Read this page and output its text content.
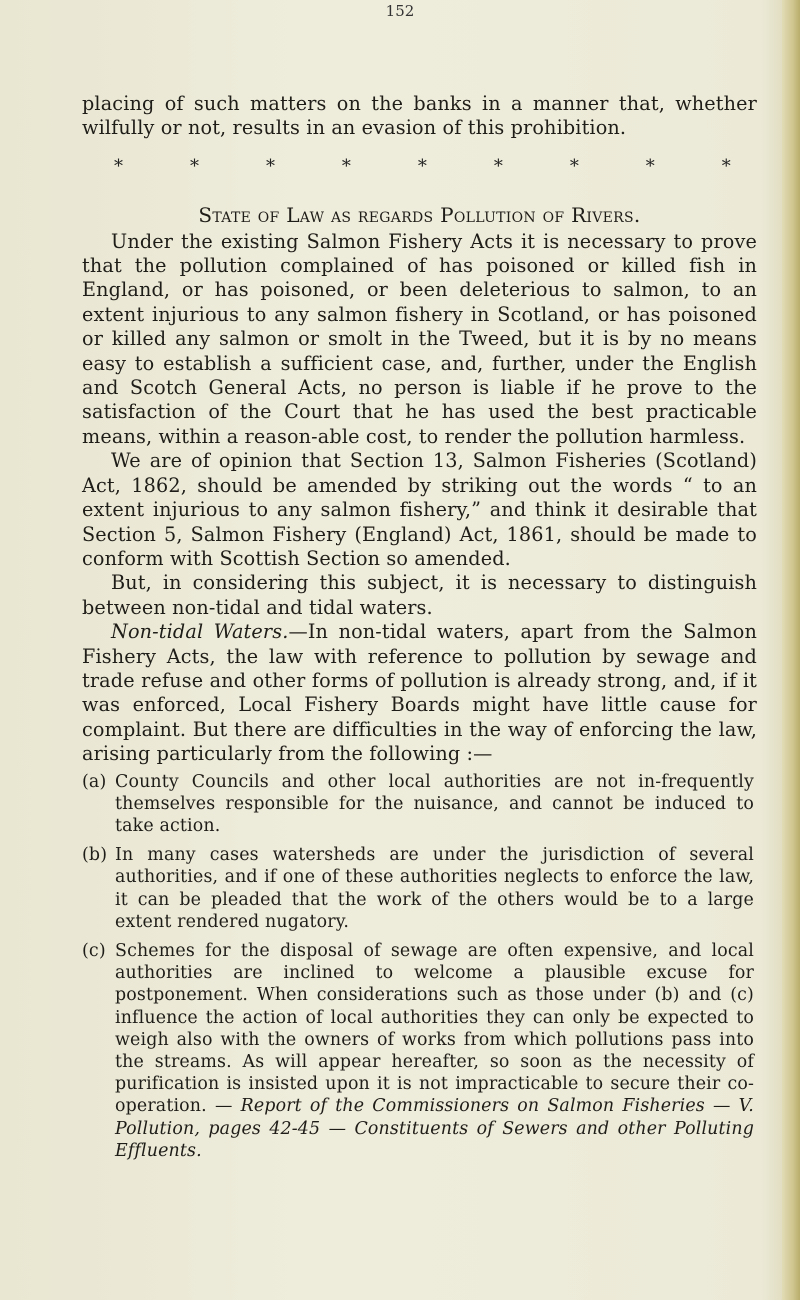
152

placing of such matters on the banks in a manner that, whether wilfully or not, results in an evasion of this prohibition.

*	*	*	*	*	*	*	*	*
State of Law as regards Pollution of Rivers.

Under the existing Salmon Fishery Acts it is necessary to prove that the pollution complained of has poisoned or killed fish in England, or has poisoned, or been deleterious to salmon, to an extent injurious to any salmon fishery in Scotland, or has poisoned or killed any salmon or smolt in the Tweed, but it is by no means easy to establish a sufficient case, and, further, under the English and Scotch General Acts, no person is liable if he prove to the satisfaction of the Court that he has used the best practicable means, within a reason-able cost, to render the pollution harmless.

We are of opinion that Section 13, Salmon Fisheries (Scotland) Act, 1862, should be amended by striking out the words “ to an extent injurious to any salmon fishery,” and think it desirable that Section 5, Salmon Fishery (England) Act, 1861, should be made to conform with Scottish Section so amended.

But, in considering this subject, it is necessary to distinguish between non-tidal and tidal waters.

Non-tidal Waters.—In non-tidal waters, apart from the Salmon Fishery Acts, the law with reference to pollution by sewage and trade refuse and other forms of pollution is already strong, and, if it was enforced, Local Fishery Boards might have little cause for complaint. But there are difficulties in the way of enforcing the law, arising particularly from the following :—

(a) County Councils and other local authorities are not in-frequently themselves responsible for the nuisance, and cannot be induced to take action.
(b) In many cases watersheds are under the jurisdiction of several authorities, and if one of these authorities neglects to enforce the law, it can be pleaded that the work of the others would be to a large extent rendered nugatory.
(c) Schemes for the disposal of sewage are often expensive, and local authorities are inclined to welcome a plausible excuse for postponement. When considerations such as those under (b) and (c) influence the action of local authorities they can only be expected to weigh also with the owners of works from which pollutions pass into the streams. As will appear hereafter, so soon as the necessity of purification is insisted upon it is not impracticable to secure their co-operation. — Report of the Commissioners on Salmon Fisheries — V. Pollution, pages 42-45 — Constituents of Sewers and other Polluting Effluents.
